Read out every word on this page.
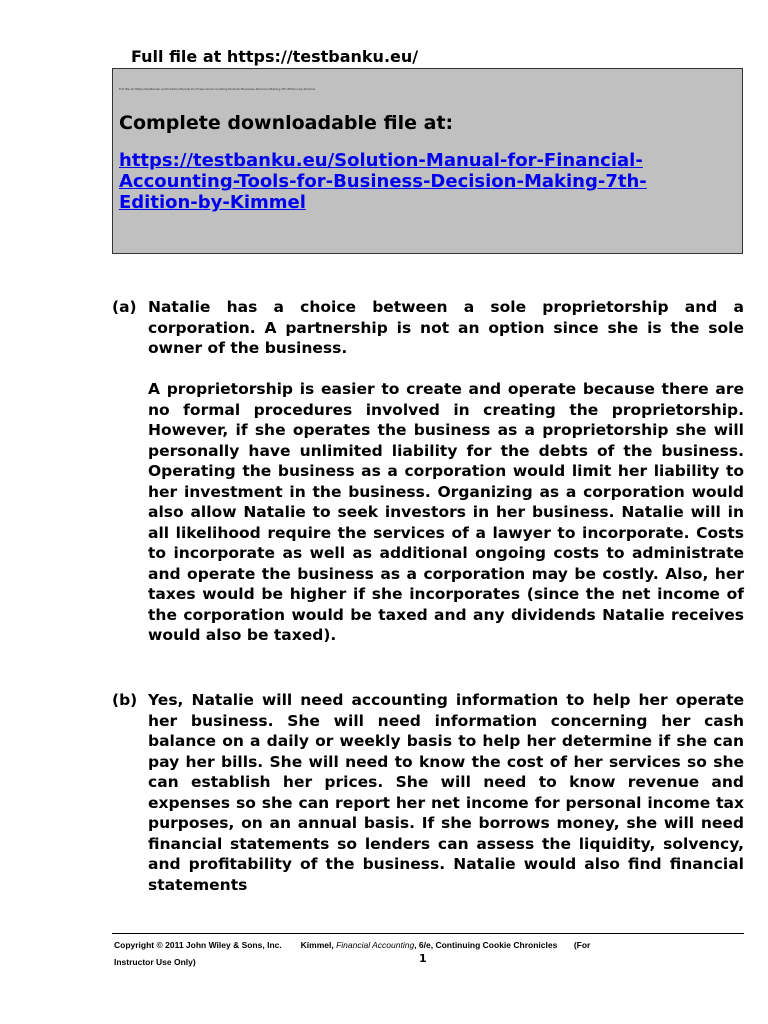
Full file at https://testbanku.eu/
Full file at https://testbanku.eu/Solution-Manual-for-Financial-Accounting-Tools-for-Business-Decision-Making-7th-Edition-by-Kimmel
Complete downloadable file at:
https://testbanku.eu/Solution-Manual-for-Financial-Accounting-Tools-for-Business-Decision-Making-7th-Edition-by-Kimmel
(a) Natalie has a choice between a sole proprietorship and a corporation. A partnership is not an option since she is the sole owner of the business.

A proprietorship is easier to create and operate because there are no formal procedures involved in creating the proprietorship. However, if she operates the business as a proprietorship she will personally have unlimited liability for the debts of the business. Operating the business as a corporation would limit her liability to her investment in the business. Organizing as a corporation would also allow Natalie to seek investors in her business. Natalie will in all likelihood require the services of a lawyer to incorporate. Costs to incorporate as well as additional ongoing costs to administrate and operate the business as a corporation may be costly. Also, her taxes would be higher if she incorporates (since the net income of the corporation would be taxed and any dividends Natalie receives would also be taxed).

(b) Yes, Natalie will need accounting information to help her operate her business. She will need information concerning her cash balance on a daily or weekly basis to help her determine if she can pay her bills. She will need to know the cost of her services so she can establish her prices. She will need to know revenue and expenses so she can report her net income for personal income tax purposes, on an annual basis. If she borrows money, she will need financial statements so lenders can assess the liquidity, solvency, and profitability of the business. Natalie would also find financial statements

Copyright © 2011 John Wiley & Sons, Inc. Kimmel, Financial Accounting, 6/e, Continuing Cookie Chronicles (For
Instructor Use Only)	1
